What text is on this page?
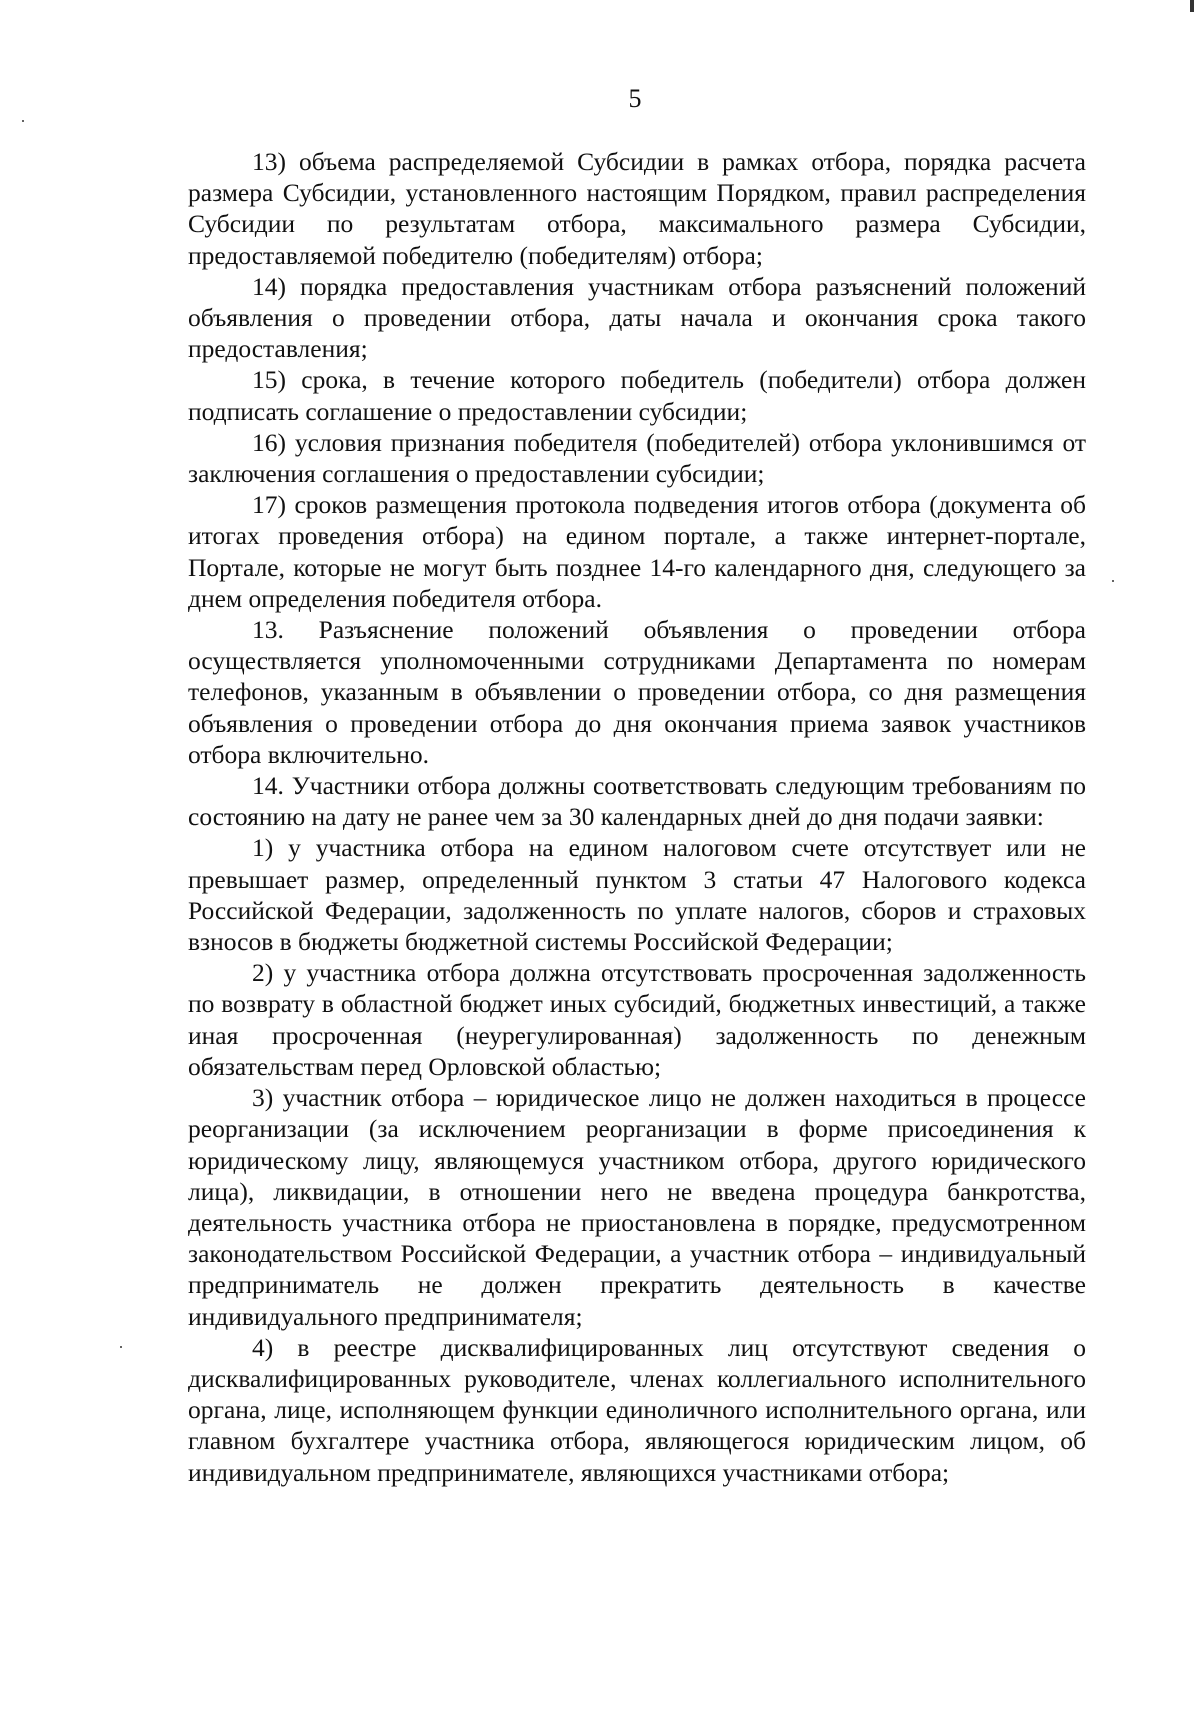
5

13) объема распределяемой Субсидии в рамках отбора, порядка расчета размера Субсидии, установленного настоящим Порядком, правил распределения Субсидии по результатам отбора, максимального размера Субсидии, предоставляемой победителю (победителям) отбора;

14) порядка предоставления участникам отбора разъяснений положений объявления о проведении отбора, даты начала и окончания срока такого предоставления;

15) срока, в течение которого победитель (победители) отбора должен подписать соглашение о предоставлении субсидии;

16) условия признания победителя (победителей) отбора уклонившимся от заключения соглашения о предоставлении субсидии;

17) сроков размещения протокола подведения итогов отбора (документа об итогах проведения отбора) на едином портале, а также интернет-портале, Портале, которые не могут быть позднее 14-го календарного дня, следующего за днем определения победителя отбора.

13. Разъяснение положений объявления о проведении отбора осуществляется уполномоченными сотрудниками Департамента по номерам телефонов, указанным в объявлении о проведении отбора, со дня размещения объявления о проведении отбора до дня окончания приема заявок участников отбора включительно.

14. Участники отбора должны соответствовать следующим требованиям по состоянию на дату не ранее чем за 30 календарных дней до дня подачи заявки:

1) у участника отбора на едином налоговом счете отсутствует или не превышает размер, определенный пунктом 3 статьи 47 Налогового кодекса Российской Федерации, задолженность по уплате налогов, сборов и страховых взносов в бюджеты бюджетной системы Российской Федерации;

2) у участника отбора должна отсутствовать просроченная задолженность по возврату в областной бюджет иных субсидий, бюджетных инвестиций, а также иная просроченная (неурегулированная) задолженность по денежным обязательствам перед Орловской областью;

3) участник отбора – юридическое лицо не должен находиться в процессе реорганизации (за исключением реорганизации в форме присоединения к юридическому лицу, являющемуся участником отбора, другого юридического лица), ликвидации, в отношении него не введена процедура банкротства, деятельность участника отбора не приостановлена в порядке, предусмотренном законодательством Российской Федерации, а участник отбора – индивидуальный предприниматель не должен прекратить деятельность в качестве индивидуального предпринимателя;

4) в реестре дисквалифицированных лиц отсутствуют сведения о дисквалифицированных руководителе, членах коллегиального исполнительного органа, лице, исполняющем функции единоличного исполнительного органа, или главном бухгалтере участника отбора, являющегося юридическим лицом, об индивидуальном предпринимателе, являющихся участниками отбора;
